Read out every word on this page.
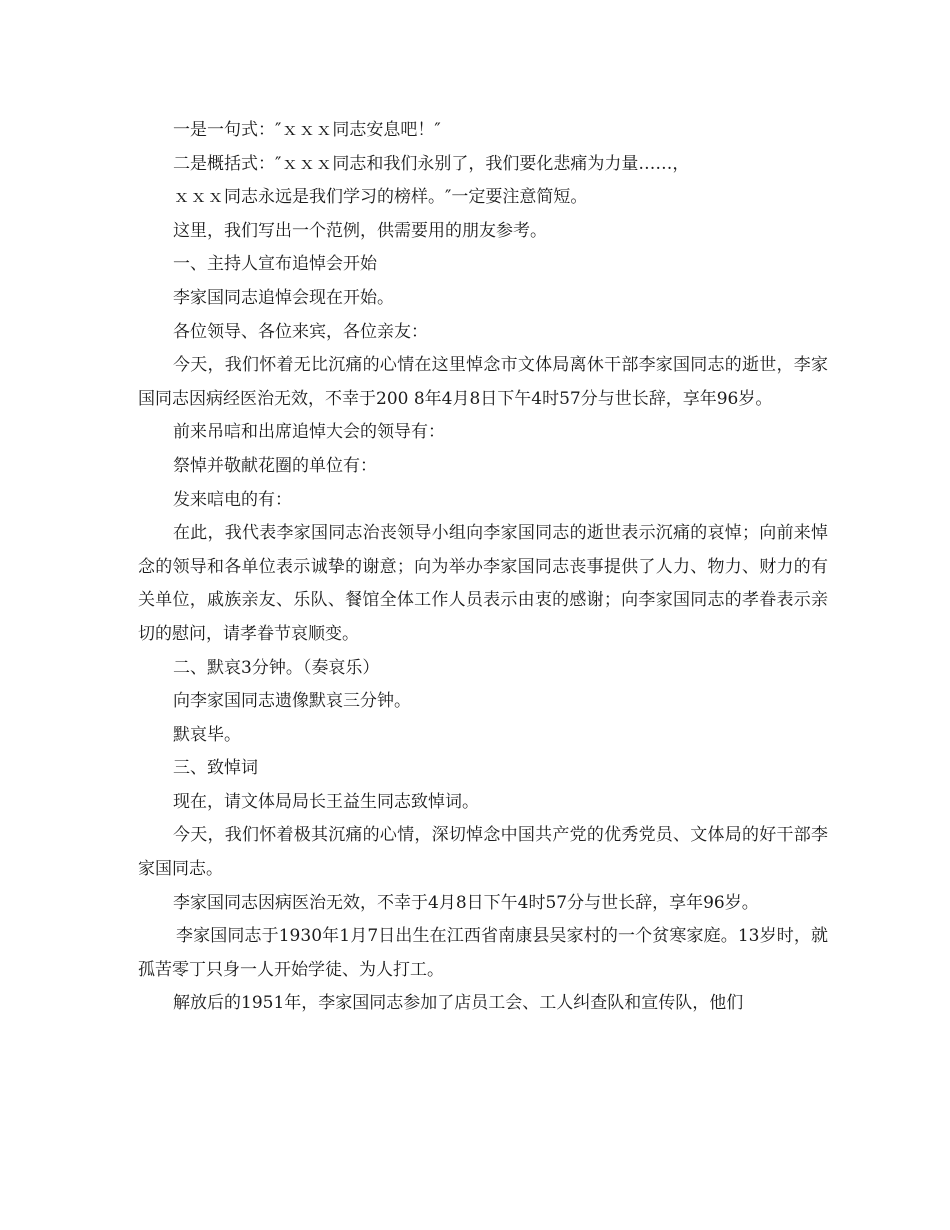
一是一句式：″ｘｘｘ同志安息吧！″

二是概括式：″ｘｘｘ同志和我们永别了，我们要化悲痛为力量……，

ｘｘｘ同志永远是我们学习的榜样。″一定要注意简短。

这里，我们写出一个范例，供需要用的朋友参考。

一、主持人宣布追悼会开始

李家国同志追悼会现在开始。

各位领导、各位来宾，各位亲友：

今天，我们怀着无比沉痛的心情在这里悼念市文体局离休干部李家国同志的逝世，李家国同志因病经医治无效，不幸于200 8年4月8日下午4时57分与世长辞，享年96岁。

前来吊唁和出席追悼大会的领导有：

祭悼并敬献花圈的单位有：

发来唁电的有：

在此，我代表李家国同志治丧领导小组向李家国同志的逝世表示沉痛的哀悼；向前来悼念的领导和各单位表示诚挚的谢意；向为举办李家国同志丧事提供了人力、物力、财力的有关单位，戚族亲友、乐队、餐馆全体工作人员表示由衷的感谢；向李家国同志的孝眷表示亲切的慰问，请孝眷节哀顺变。

二、默哀3分钟。（奏哀乐）

向李家国同志遗像默哀三分钟。

默哀毕。

三、致悼词

现在，请文体局局长王益生同志致悼词。

今天，我们怀着极其沉痛的心情，深切悼念中国共产党的优秀党员、文体局的好干部李家国同志。

李家国同志因病医治无效，不幸于4月8日下午4时57分与世长辞，享年96岁。

李家国同志于1930年1月7日出生在江西省南康县吴家村的一个贫寒家庭。13岁时，就孤苦零丁只身一人开始学徒、为人打工。

解放后的1951年，李家国同志参加了店员工会、工人纠查队和宣传队，他们
